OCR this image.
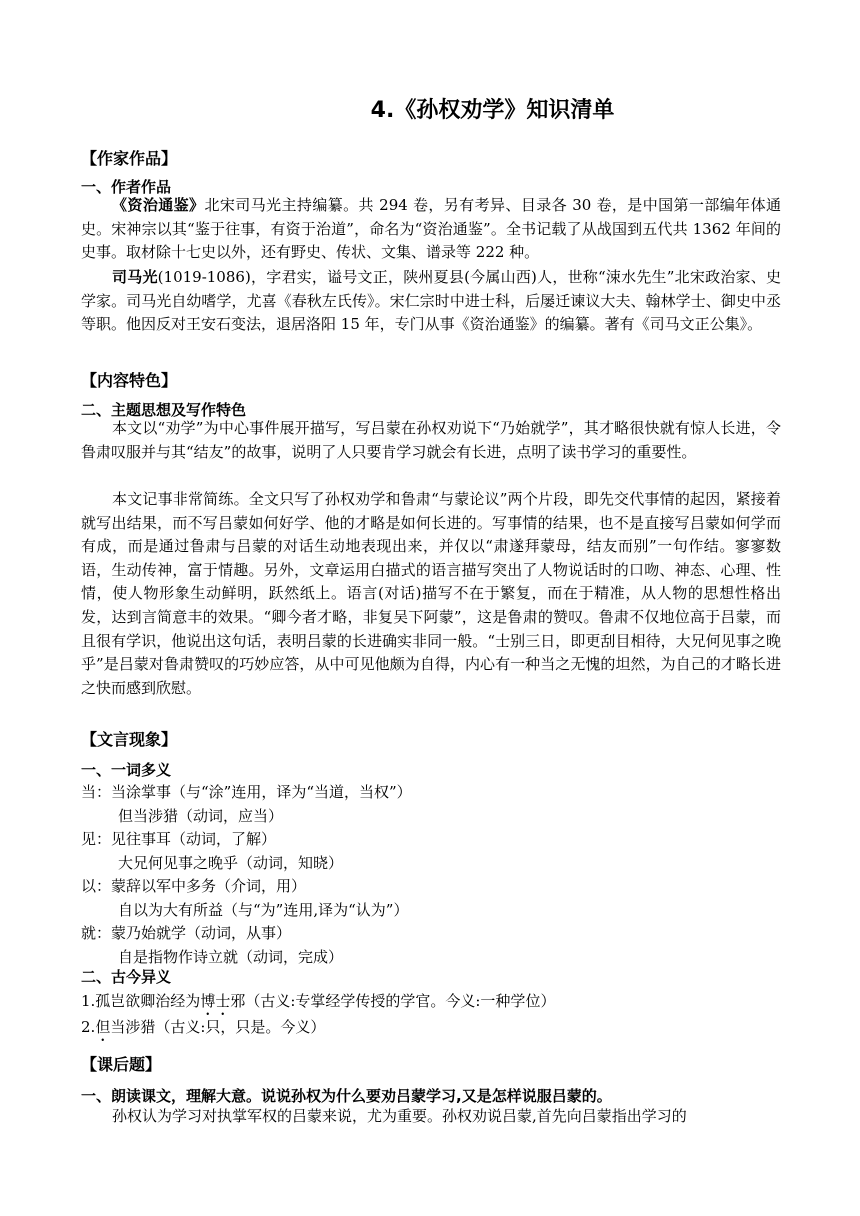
4.《孙权劝学》知识清单
【作家作品】
一、作者作品
《资治通鉴》北宋司马光主持编纂。共 294 卷，另有考异、目录各 30 卷，是中国第一部编年体通史。宋神宗以其“鉴于往事，有资于治道”，命名为“资治通鉴”。全书记载了从战国到五代共 1362 年间的史事。取材除十七史以外，还有野史、传状、文集、谱录等 222 种。
司马光(1019-1086)，字君实，谥号文正，陕州夏县(今属山西)人，世称“涑水先生”北宋政治家、史学家。司马光自幼嗜学，尤喜《春秋左氏传》。宋仁宗时中进士科，后屡迁谏议大夫、翰林学士、御史中丞等职。他因反对王安石变法，退居洛阳 15 年，专门从事《资治通鉴》的编纂。著有《司马文正公集》。
【内容特色】
二、主题思想及写作特色
本文以“劝学”为中心事件展开描写，写吕蒙在孙权劝说下“乃始就学”，其才略很快就有惊人长进，令鲁肃叹服并与其“结友”的故事，说明了人只要肯学习就会有长进，点明了读书学习的重要性。
本文记事非常简练。全文只写了孙权劝学和鲁肃“与蒙论议”两个片段，即先交代事情的起因，紧接着就写出结果，而不写吕蒙如何好学、他的才略是如何长进的。写事情的结果，也不是直接写吕蒙如何学而有成，而是通过鲁肃与吕蒙的对话生动地表现出来，并仅以“肃遂拜蒙母，结友而别”一句作结。寥寥数语，生动传神，富于情趣。另外，文章运用白描式的语言描写突出了人物说话时的口吻、神态、心理、性情，使人物形象生动鲜明，跃然纸上。语言(对话)描写不在于繁复，而在于精准，从人物的思想性格出发，达到言简意丰的效果。“卿今者才略，非复吴下阿蒙”，这是鲁肃的赞叹。鲁肃不仅地位高于吕蒙，而且很有学识，他说出这句话，表明吕蒙的长进确实非同一般。“士别三日，即更刮目相待，大兄何见事之晚乎”是吕蒙对鲁肃赞叹的巧妙应答，从中可见他颇为自得，内心有一种当之无愧的坦然，为自己的才略长进之快而感到欣慰。
【文言现象】
一、一词多义
当：当涂掌事（与“涂”连用，译为“当道，当权”）
但当涉猎（动词，应当）
见：见往事耳（动词，了解）
大兄何见事之晚乎（动词，知晓）
以：蒙辞以军中多务（介词，用）
自以为大有所益（与“为”连用,译为“认为”）
就：蒙乃始就学（动词，从事）
自是指物作诗立就（动词，完成）
二、古今异义
1.孤岂欲卿治经为博士邪（古义:专掌经学传授的学官。今义:一种学位）
2.但当涉猎（古义:只，只是。今义）
【课后题】
一、朗读课文，理解大意。说说孙权为什么要劝吕蒙学习,又是怎样说服吕蒙的。
孙权认为学习对执掌军权的吕蒙来说，尤为重要。孙权劝说吕蒙,首先向吕蒙指出学习的
